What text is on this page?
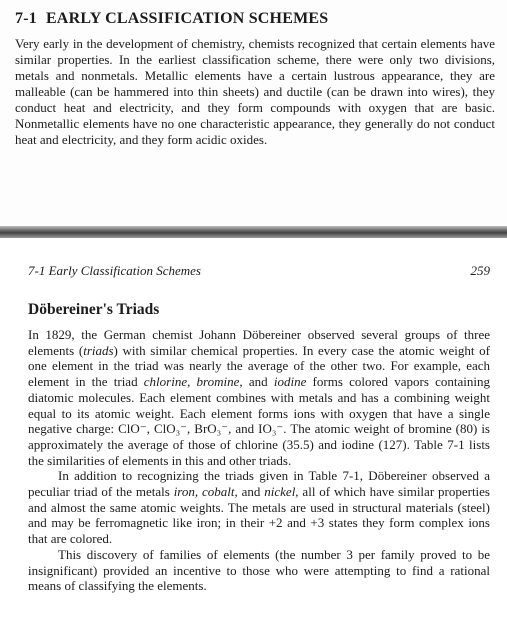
7-1 EARLY CLASSIFICATION SCHEMES

Very early in the development of chemistry, chemists recognized that certain elements have similar properties. In the earliest classification scheme, there were only two divisions, metals and nonmetals. Metallic elements have a certain lustrous appearance, they are malleable (can be hammered into thin sheets) and ductile (can be drawn into wires), they conduct heat and electricity, and they form compounds with oxygen that are basic. Nonmetallic elements have no one characteristic appearance, they generally do not conduct heat and electricity, and they form acidic oxides.

7-1 Early Classification Schemes	259
Döbereiner's Triads

In 1829, the German chemist Johann Döbereiner observed several groups of three elements (triads) with similar chemical properties. In every case the atomic weight of one element in the triad was nearly the average of the other two. For example, each element in the triad chlorine, bromine, and iodine forms colored vapors containing diatomic molecules. Each element combines with metals and has a combining weight equal to its atomic weight. Each element forms ions with oxygen that have a single negative charge: ClO⁻, ClO₃⁻, BrO₃⁻, and IO₃⁻. The atomic weight of bromine (80) is approximately the average of those of chlorine (35.5) and iodine (127). Table 7-1 lists the similarities of elements in this and other triads.

In addition to recognizing the triads given in Table 7-1, Döbereiner observed a peculiar triad of the metals iron, cobalt, and nickel, all of which have similar properties and almost the same atomic weights. The metals are used in structural materials (steel) and may be ferromagnetic like iron; in their +2 and +3 states they form complex ions that are colored.

This discovery of families of elements (the number 3 per family proved to be insignificant) provided an incentive to those who were attempting to find a rational means of classifying the elements.
